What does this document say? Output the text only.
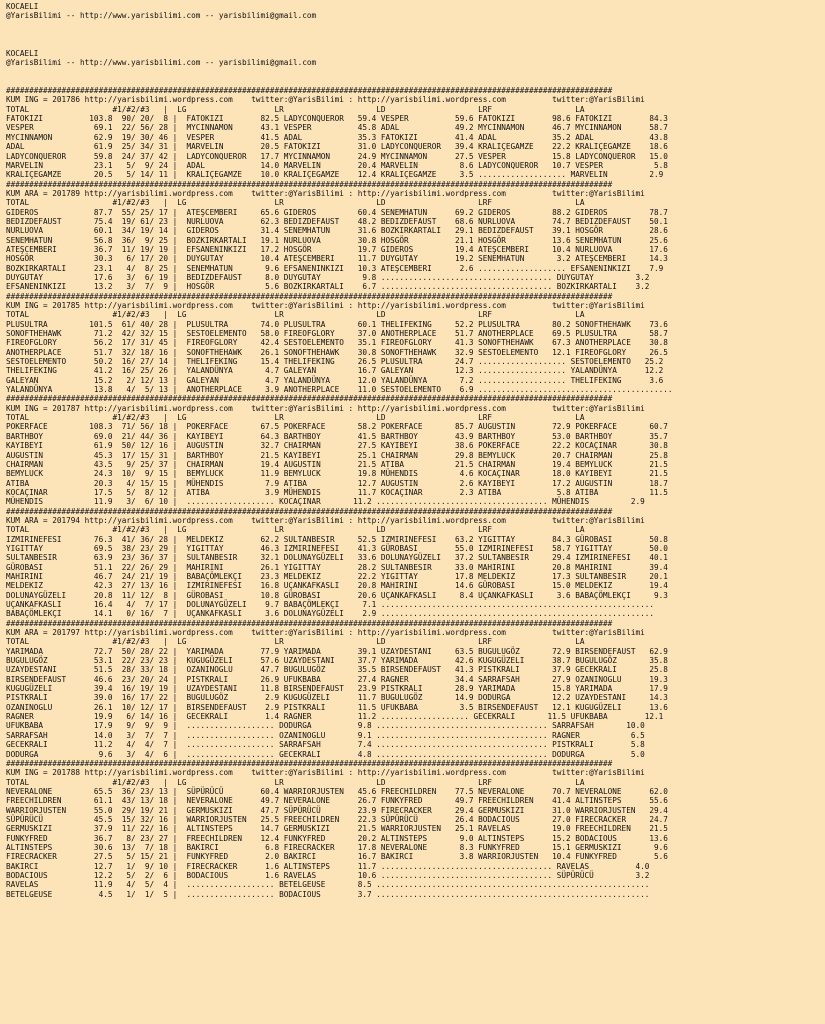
KOCAELI
@YarisBilimi -- http://www.yarisbilimi.com -- yarisbilimi@gmail.com

KOCAELI
@YarisBilimi -- http://www.yarisbilimi.com -- yarisbilimi@gmail.com

###################################################################################################################################
KUM ING = 201786 http://yarisbilimi.wordpress.com    twitter:@YarisBilimi : http://yarisbilimi.wordpress.com          twitter:@YarisBilimi
TOTAL                  #1/#2/#3   |  LG                   LR                    LD                    LRF                  LA
FATOKIZI          103.8  90/ 20/  8 |  FATOKIZI        82.5 LADYCONQUEROR   59.4 VESPER          59.6 FATOKIZI        98.6 FATOKIZI        84.3
VESPER             69.1  22/ 56/ 28 |  MYCINNAMON      43.1 VESPER          45.8 ADAL            49.2 MYCINNAMON      46.7 MYCINNAMON      58.7
MYCINNAMON         62.9  19/ 30/ 46 |  VESPER          41.5 ADAL            35.3 FATOKIZI        41.4 ADAL            35.2 ADAL            43.8
ADAL               61.9  25/ 34/ 31 |  MARVELIN        20.5 FATOKIZI        31.0 LADYCONQUEROR   39.4 KRALIÇEGAMZE    22.2 KRALIÇEGAMZE    18.6
LADYCONQUEROR      59.8  24/ 37/ 42 |  LADYCONQUEROR   17.7 MYCINNAMON      24.9 MYCINNAMON      27.5 VESPER          15.8 LADYCONQUEROR   15.0
MARVELIN           23.1   5/  9/ 24 |  ADAL            14.0 MARVELIN        20.4 MARVELIN         8.6 LADYCONQUEROR   10.7 VESPER           5.8
KRALIÇEGAMZE       20.5   5/ 14/ 11 |  KRALIÇEGAMZE    10.0 KRALIÇEGAMZE    12.4 KRALIÇEGAMZE     3.5 ................... MARVELIN         2.9
###################################################################################################################################
KUM ARA = 201789 http://yarisbilimi.wordpress.com    twitter:@YarisBilimi : http://yarisbilimi.wordpress.com          twitter:@YarisBilimi
TOTAL                  #1/#2/#3   |  LG                   LR                    LD                    LRF                  LA
GIDEROS            87.7  55/ 25/ 17 |  ATEŞCEMBERI     65.6 GIDEROS         60.4 SENEMHATUN      69.2 GIDEROS         88.2 GIDEROS         78.7
BEDIZDEFAUST       75.4  19/ 61/ 23 |  NURLUOVA        62.3 BEDIZDEFAUST    48.2 BEDIZDEFAUST    68.6 NURLUOVA        74.7 BEDIZDEFAUST    50.1
NURLUOVA           60.1  34/ 19/ 14 |  GIDEROS         31.4 SENEMHATUN      31.6 BOZKIRKARTALI   29.1 BEDIZDEFAUST    39.1 HOSGÖR          28.6
SENEMHATUN         56.8  36/  9/ 25 |  BOZKIRKARTALI   19.1 NURLUOVA        30.8 HOSGÖR          21.1 HOSGÖR          13.6 SENEMHATUN      25.6
ATEŞCEMBERI        36.7  11/ 19/ 19 |  EFSANENINKIZI   17.2 HOSGÖR          19.7 GIDEROS         19.4 ATEŞCEMBERI     10.4 NURLUOVA        17.6
HOSGÖR             30.3   6/ 17/ 20 |  DUYGUTAY        10.4 ATEŞCEMBERI     11.7 DUYGUTAY        19.2 SENEMHATUN       3.2 ATEŞCEMBERI     14.3
BOZKIRKARTALI      23.1   4/  8/ 25 |  SENEMHATUN       9.6 EFSANENINKIZI   10.3 ATEŞCEMBERI      2.6 ................... EFSANENINKIZI    7.9
DUYGUTAY           17.6   3/  6/ 19 |  BEDIZDEFAUST     8.0 DUYGUTAY         9.8 ..................................... DUYGUTAY         3.2
EFSANENINKIZI      13.2   3/  7/  9 |  HOSGÖR           5.6 BOZKIRKARTALI    6.7 ..................................... BOZKIRKARTALI    3.2
###################################################################################################################################
KUM ING = 201785 http://yarisbilimi.wordpress.com    twitter:@YarisBilimi : http://yarisbilimi.wordpress.com          twitter:@YarisBilimi
TOTAL                  #1/#2/#3   |  LG                   LR                    LD                    LRF                  LA
PLUSULTRA         101.5  61/ 40/ 28 |  PLUSULTRA       74.0 PLUSULTRA       60.1 THELIFEKING     52.2 PLUSULTRA       80.2 SONOFTHEHAWK    73.6
SONOFTHEHAWK       71.2  42/ 32/ 15 |  SESTOELEMENTO   58.0 FIREOFGLORY     37.0 ANOTHERPLACE    51.7 ANOTHERPLACE    69.5 PLUSULTRA       58.7
FIREOFGLORY        56.2  17/ 31/ 45 |  FIREOFGLORY     42.4 SESTOELEMENTO   35.1 FIREOFGLORY     41.3 SONOFTHEHAWK    67.3 ANOTHERPLACE    30.8
ANOTHERPLACE       51.7  32/ 18/ 16 |  SONOFTHEHAWK    26.1 SONOFTHEHAWK    30.8 SONOFTHEHAWK    32.9 SESTOELEMENTO   12.1 FIREOFGLORY     26.5
SESTOELEMENTO      50.2  16/ 27/ 14 |  THELIFEKING     15.4 THELIFEKING     26.5 PLUSULTRA       24.7 ................... SESTOELEMENTO   25.2
THELIFEKING        41.2  16/ 25/ 26 |  YALANDÜNYA       4.7 GALEYAN         16.7 GALEYAN         12.3 ................... YALANDÜNYA      12.2
GALEYAN            15.2   2/ 12/ 13 |  GALEYAN          4.7 YALANDÜNYA      12.0 YALANDÜNYA       7.2 ................... THELIFEKING      3.6
YALANDÜNYA         13.8   4/  5/ 13 |  ANOTHERPLACE     3.9 ANOTHERPLACE    11.0 SESTOELEMENTO    6.9 ..........................................
###################################################################################################################################
KUM ING = 201787 http://yarisbilimi.wordpress.com    twitter:@YarisBilimi : http://yarisbilimi.wordpress.com          twitter:@YarisBilimi
TOTAL                  #1/#2/#3   |  LG                   LR                    LD                    LRF                  LA
POKERFACE         108.3  71/ 56/ 18 |  POKERFACE       67.5 POKERFACE       58.2 POKERFACE       85.7 AUGUSTIN        72.9 POKERFACE       60.7
BARTHBOY           69.0  21/ 44/ 36 |  KAYIBEYI        64.3 BARTHBOY        41.5 BARTHBOY        43.9 BARTHBOY        53.0 BARTHBOY        35.7
KAYIBEYI           61.9  50/ 12/ 16 |  AUGUSTIN        32.7 CHAIRMAN        27.5 KAYIBEYI        38.6 POKERFACE       22.2 KOCAÇINAR       30.8
AUGUSTIN           45.3  17/ 15/ 31 |  BARTHBOY        21.5 KAYIBEYI        25.1 CHAIRMAN        29.8 BEMYLUCK        20.7 CHAIRMAN        25.8
CHAIRMAN           43.5   9/ 25/ 37 |  CHAIRMAN        19.4 AUGUSTIN        21.5 ATIBA           21.5 CHAIRMAN        19.4 BEMYLUCK        21.5
BEMYLUCK           24.3  10/  9/ 15 |  BEMYLUCK        11.9 BEMYLUCK        19.8 MÜHENDIS         4.6 KOCAÇINAR       18.0 KAYIBEYI        21.5
ATIBA              20.3   4/ 15/ 15 |  MÜHENDIS         7.9 ATIBA           12.7 AUGUSTIN         2.6 KAYIBEYI        17.2 AUGUSTIN        18.7
KOCAÇINAR          17.5   5/  8/ 12 |  ATIBA            3.9 MÜHENDIS        11.7 KOCAÇINAR        2.3 ATIBA            5.8 ATIBA           11.5
MÜHENDIS           11.9   3/  6/ 10 |  ................... KOCAÇINAR       11.2 ..................................... MÜHENDIS         2.9
###################################################################################################################################
KUM ARA = 201794 http://yarisbilimi.wordpress.com    twitter:@YarisBilimi : http://yarisbilimi.wordpress.com          twitter:@YarisBilimi
TOTAL                  #1/#2/#3   |  LG                   LR                    LD                    LRF                  LA
IZMIRINEFESI       76.3  41/ 36/ 28 |  MELDEKIZ        62.2 SULTANBESIR     52.5 IZMIRINEFESI    63.2 YIGITTAY        84.3 GÜROBASI        50.8
YIGITTAY           69.5  38/ 23/ 29 |  YIGITTAY        46.3 IZMIRINEFESI    41.3 GÜROBASI        55.0 IZMIRINEFESI    58.7 YIGITTAY        50.0
SULTANBESIR        63.9  23/ 36/ 37 |  SULTANBESIR     32.1 DOLUNAYGÜZELI   33.6 DOLUNAYGÜZELI   37.2 SULTANBESIR     29.4 IZMIRINEFESI    40.1
GÜROBASI           51.1  22/ 26/ 29 |  MAHIRINI        26.1 YIGITTAY        28.2 SULTANBESIR     33.0 MAHIRINI        20.8 MAHIRINI        39.4
MAHIRINI           46.7  24/ 21/ 19 |  BABAÇÖMLEKÇI    23.3 MELDEKIZ        22.2 YIGITTAY        17.8 MELDEKIZ        17.3 SULTANBESIR     20.1
MELDEKIZ           42.3  27/ 13/ 16 |  IZMIRINEFESI    16.8 UÇANKAFKASLI    20.8 MAHIRINI        14.6 GÜROBASI        15.0 MELDEKIZ        19.4
DOLUNAYGÜZELI      20.8  11/ 12/  8 |  GÜROBASI        10.8 GÜROBASI        20.6 UÇANKAFKASLI     8.4 UÇANKAFKASLI     3.6 BABAÇÖMLEKÇI     9.3
UÇANKAFKASLI       16.4   4/  7/ 17 |  DOLUNAYGÜZELI    9.7 BABAÇÖMLEKÇI     7.1 ...........................................................
BABAÇÖMLEKÇI       14.1   0/ 16/  7 |  UÇANKAFKASLI     3.6 DOLUNAYGÜZELI    2.9 ...........................................................
###################################################################################################################################
KUM ARA = 201797 http://yarisbilimi.wordpress.com    twitter:@YarisBilimi : http://yarisbilimi.wordpress.com          twitter:@YarisBilimi
TOTAL                  #1/#2/#3   |  LG                   LR                    LD                    LRF                  LA
YARIMADA           72.7  50/ 28/ 22 |  YARIMADA        77.9 YARIMADA        39.1 UZAYDESTANI     63.5 BUGULUGÖZ       72.9 BIRSENDEFAUST   62.9
BUGULUGÖZ          53.1  22/ 23/ 23 |  KUGUGÜZELI      57.6 UZAYDESTANI     37.7 YARIMADA        42.6 KUGUGÜZELI      38.7 BUGULUGÖZ       35.8
UZAYDESTANI        51.5  28/ 33/ 18 |  OZANINOGLU      47.7 BUGULUGÖZ       35.5 BIRSENDEFAUST   41.3 PISTKRALI       37.9 GECEKRALI       25.8
BIRSENDEFAUST      46.6  23/ 20/ 24 |  PISTKRALI       26.9 UFUKBABA        27.4 RAGNER          34.4 SARRAFSAH       27.9 OZANINOGLU      19.3
KUGUGÜZELI         39.4  16/ 19/ 19 |  UZAYDESTANI     11.8 BIRSENDEFAUST   23.9 PISTKRALI       28.9 YARIMADA        15.8 YARIMADA        17.9
PISTKRALI          39.0  16/ 17/ 22 |  BUGULUGÖZ        2.9 KUGUGÜZELI      11.7 BUGULUGÖZ       14.9 DODURGA         12.2 UZAYDESTANI     14.3
OZANINOGLU         26.1  10/ 12/ 17 |  BIRSENDEFAUST    2.9 PISTKRALI       11.5 UFUKBABA         3.5 BIRSENDEFAUST   12.1 KUGUGÜZELI      13.6
RAGNER             19.9   6/ 14/ 16 |  GECEKRALI        1.4 RAGNER          11.2 ................... GECEKRALI       11.5 UFUKBABA        12.1
UFUKBABA           17.9   9/  9/  9 |  ................... DODURGA          9.8 ..................................... SARRAFSAH       10.0
SARRAFSAH          14.0   3/  7/  7 |  ................... OZANINOGLU       9.1 ..................................... RAGNER           6.5
GECEKRALI          11.2   4/  4/  7 |  ................... SARRAFSAH        7.4 ..................................... PISTKRALI        5.8
DODURGA             9.6   3/  4/  6 |  ................... GECEKRALI        4.8 ..................................... DODURGA          5.0
###################################################################################################################################
KUM ING = 201788 http://yarisbilimi.wordpress.com    twitter:@YarisBilimi : http://yarisbilimi.wordpress.com          twitter:@YarisBilimi
TOTAL                  #1/#2/#3   |  LG                   LR                    LD                    LRF                  LA
NEVERALONE         65.5  36/ 23/ 13 |  SÜPÜRÜCÜ        60.4 WARRIORJUSTEN   45.6 FREECHILDREN    77.5 NEVERALONE      70.7 NEVERALONE      62.0
FREECHILDREN       61.1  43/ 13/ 18 |  NEVERALONE      49.7 NEVERALONE      26.7 FUNKYFRED       49.7 FREECHILDREN    41.4 ALTINSTEPS      55.6
WARRIORJUSTEN      55.0  29/ 19/ 21 |  GERMUSKIZI      47.7 SÜPÜRÜCÜ        23.9 FIRECRACKER     29.4 GERMUSKIZI      31.0 WARRIORJUSTEN   29.4
SÜPÜRÜCÜ           45.5  15/ 32/ 16 |  WARRIORJUSTEN   25.5 FREECHILDREN    22.3 SÜPÜRÜCÜ        26.4 BODACIOUS       27.0 FIRECRACKER     24.7
GERMUSKIZI         37.9  11/ 22/ 16 |  ALTINSTEPS      14.7 GERMUSKIZI      21.5 WARRIORJUSTEN   25.1 RAVELAS         19.0 FREECHILDREN    21.5
FUNKYFRED          36.7   8/ 23/ 27 |  FREECHILDREN    12.4 FUNKYFRED       20.2 ALTINSTEPS       9.0 ALTINSTEPS      15.2 BODACIOUS       13.6
ALTINSTEPS         30.6  13/  7/ 18 |  BAKIRCI          6.8 FIRECRACKER     17.8 NEVERALONE       8.3 FUNKYFRED       15.1 GERMUSKIZI       9.6
FIRECRACKER        27.5   5/ 15/ 21 |  FUNKYFRED        2.0 BAKIRCI         16.7 BAKIRCI          3.8 WARRIORJUSTEN   10.4 FUNKYFRED        5.6
BAKIRCI            12.7   1/  9/ 10 |  FIRECRACKER      1.6 ALTINSTEPS      11.7 ..................................... RAVELAS          4.0
BODACIOUS          12.2   5/  2/  6 |  BODACIOUS        1.6 RAVELAS         10.6 ..................................... SÜPÜRÜCÜ         3.2
RAVELAS            11.9   4/  5/  4 |  ................... BETELGEUSE       8.5 ...........................................................
BETELGEUSE          4.5   1/  1/  5 |  ................... BODACIOUS        3.7 ...........................................................
